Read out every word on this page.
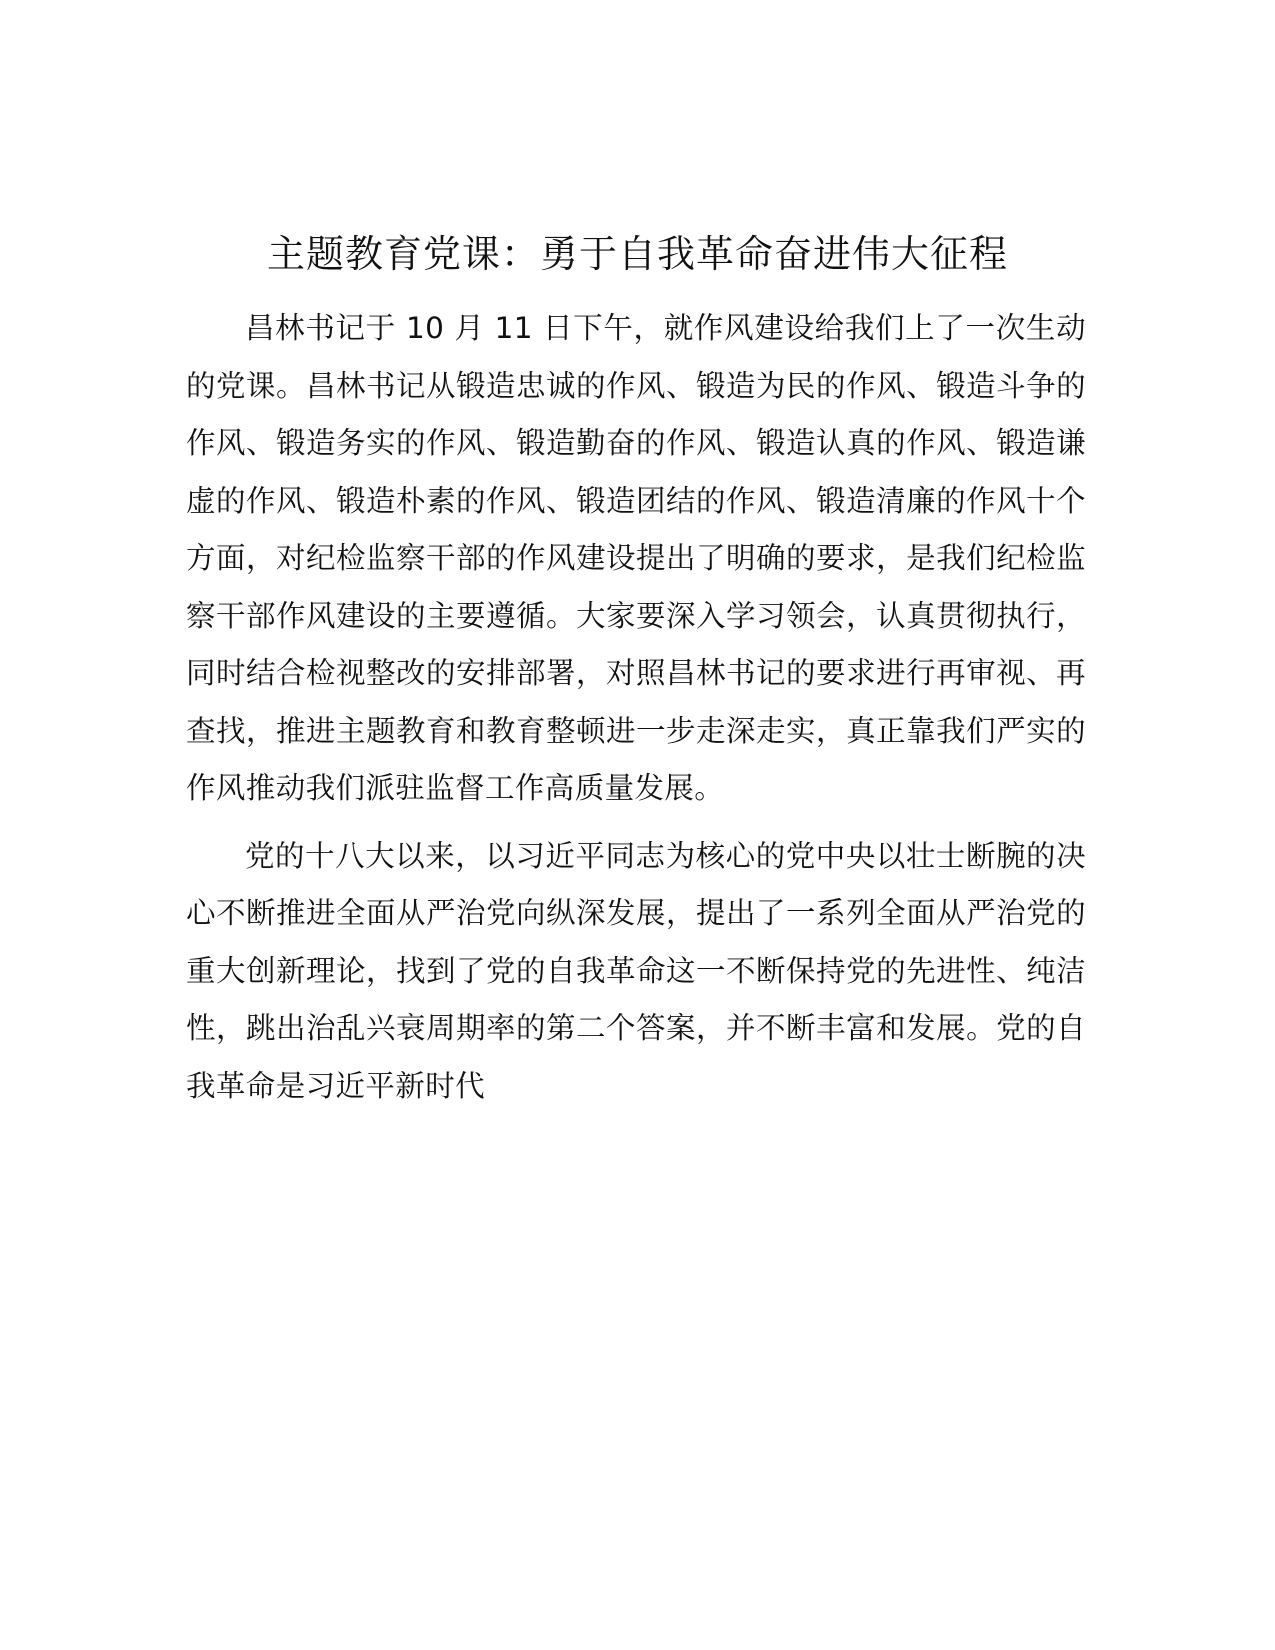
主题教育党课：勇于自我革命奋进伟大征程

昌林书记于 10 月 11 日下午，就作风建设给我们上了一次生动的党课。昌林书记从锻造忠诚的作风、锻造为民的作风、锻造斗争的作风、锻造务实的作风、锻造勤奋的作风、锻造认真的作风、锻造谦虚的作风、锻造朴素的作风、锻造团结的作风、锻造清廉的作风十个方面，对纪检监察干部的作风建设提出了明确的要求，是我们纪检监察干部作风建设的主要遵循。大家要深入学习领会，认真贯彻执行，同时结合检视整改的安排部署，对照昌林书记的要求进行再审视、再查找，推进主题教育和教育整顿进一步走深走实，真正靠我们严实的作风推动我们派驻监督工作高质量发展。

党的十八大以来，以习近平同志为核心的党中央以壮士断腕的决心不断推进全面从严治党向纵深发展，提出了一系列全面从严治党的重大创新理论，找到了党的自我革命这一不断保持党的先进性、纯洁性，跳出治乱兴衰周期率的第二个答案，并不断丰富和发展。党的自我革命是习近平新时代
